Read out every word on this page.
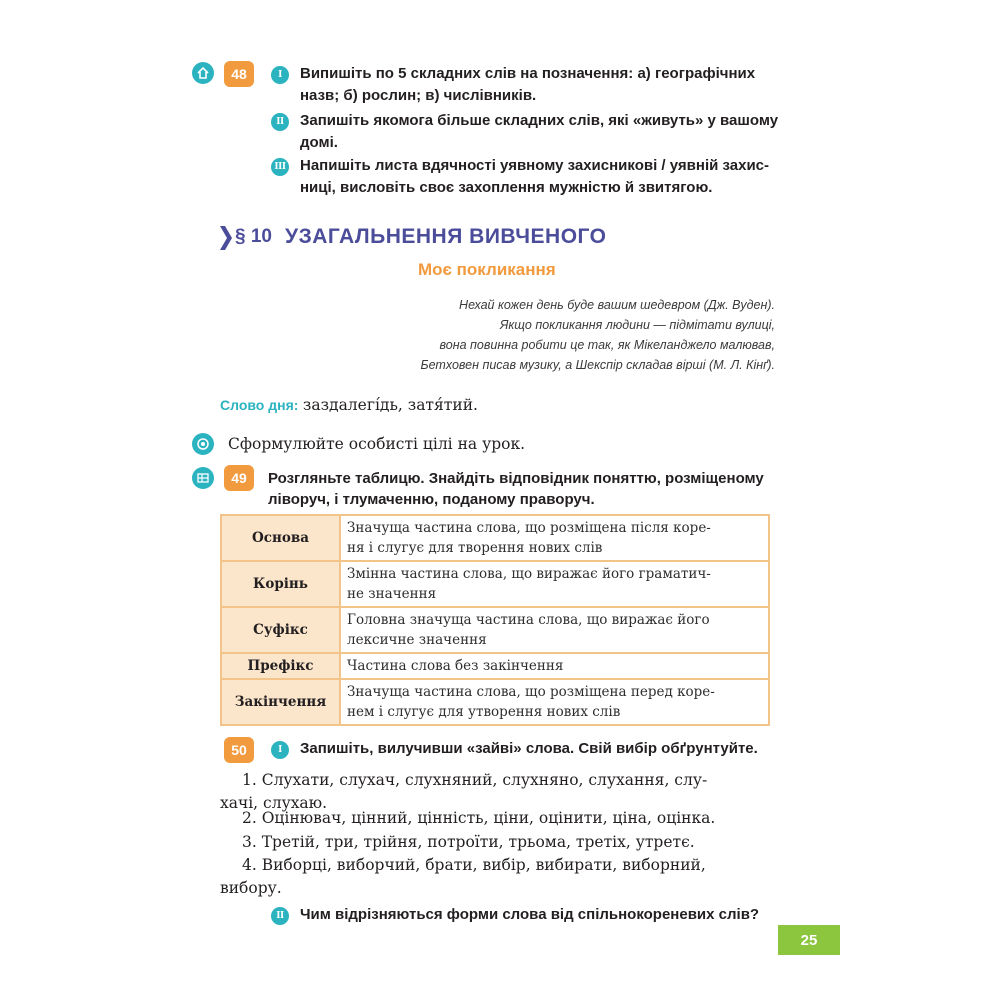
48	I	Випишіть по 5 складних слів на позначення: а) географічних
назв; б) рослин; в) числівників.
II	Запишіть якомога більше складних слів, які «живуть» у вашому
домі.
III Напишіть листа вдячності уявному захисникові / уявній захис-
ниці, висловіть своє захоплення мужністю й звитягою.
§ 10 УЗАГАЛЬНЕННЯ ВИВЧЕНОГО
Моє покликання
Нехай кожен день буде вашим шедевром (Дж. Вуден).
Якщо покликання людини — підмітати вулиці,
вона повинна робити це так, як Мікеланджело малював,
Бетховен писав музику, а Шекспір складав вірші (М. Л. Кінґ).
Слово дня: заздалегі́дь, затя́тий.
Сформулюйте особисті цілі на урок.
49	Розгляньте таблицю. Знайдіть відповідник поняттю, розміщеному
ліворуч, і тлумаченню, поданому праворуч.
Основа	Значуща частина слова, що розміщена після коре-
ня і слугує для творення нових слів

Корінь	Змінна частина слова, що виражає його граматич-
не значення

Суфікс	Головна значуща частина слова, що виражає його
лексичне значення

Префікс	Частина слова без закінчення

Закінчення	Значуща частина слова, що розміщена перед коре-
нем і слугує для утворення нових слів
50	I	Запишіть, вилучивши «зайві» слова. Свій вибір обґрунтуйте.
1. Слухати, слухач, слухняний, слухняно, слухання, слу-
хачі, слухаю.
2. Оцінювач, цінний, цінність, ціни, оцінити, ціна, оцінка.
3. Третій, три, трійня, потроїти, трьома, третіх, утретє.
4. Виборці, виборчий, брати, вибір, вибирати, виборний,
вибору.
II	Чим відрізняються форми слова від спільнокореневих слів?
25
